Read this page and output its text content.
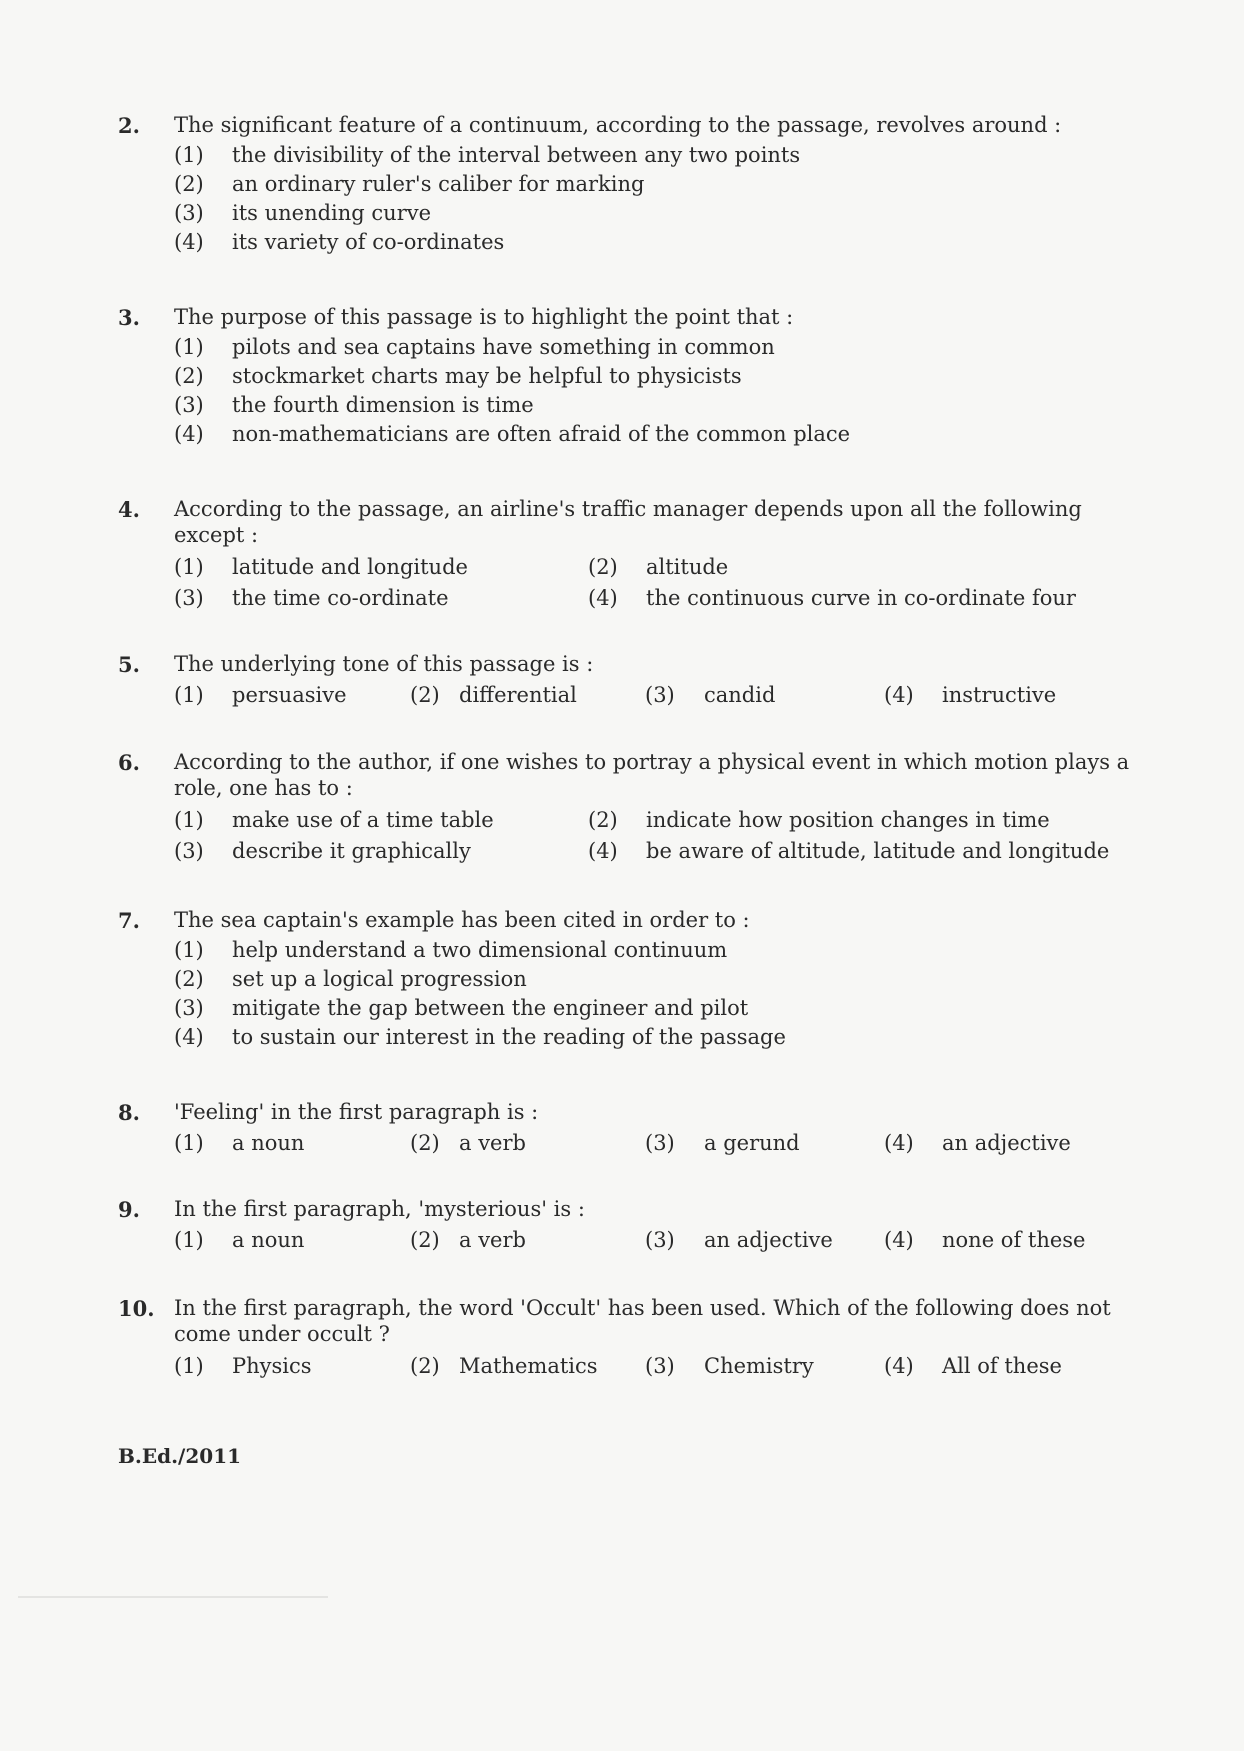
2. The significant feature of a continuum, according to the passage, revolves around :
(1) the divisibility of the interval between any two points
(2) an ordinary ruler's caliber for marking
(3) its unending curve
(4) its variety of co-ordinates
3. The purpose of this passage is to highlight the point that :
(1) pilots and sea captains have something in common
(2) stockmarket charts may be helpful to physicists
(3) the fourth dimension is time
(4) non-mathematicians are often afraid of the common place
4. According to the passage, an airline's traffic manager depends upon all the following
except :
(1) latitude and longitude	(2) altitude
(3) the time co-ordinate	(4) the continuous curve in co-ordinate four
5. The underlying tone of this passage is :
(1) persuasive	(2) differential	(3) candid	(4) instructive
6. According to the author, if one wishes to portray a physical event in which motion plays a
role, one has to :
(1) make use of a time table	(2) indicate how position changes in time
(3) describe it graphically	(4) be aware of altitude, latitude and longitude
7. The sea captain's example has been cited in order to :
(1) help understand a two dimensional continuum
(2) set up a logical progression
(3) mitigate the gap between the engineer and pilot
(4) to sustain our interest in the reading of the passage
8. 'Feeling' in the first paragraph is :
(1) a noun	(2) a verb	(3) a gerund	(4) an adjective
9. In the first paragraph, 'mysterious' is :
(1) a noun	(2) a verb	(3) an adjective (4) none of these
10. In the first paragraph, the word 'Occult' has been used. Which of the following does not
come under occult ?
(1) Physics	(2) Mathematics (3) Chemistry	(4) All of these
B.Ed./2011
